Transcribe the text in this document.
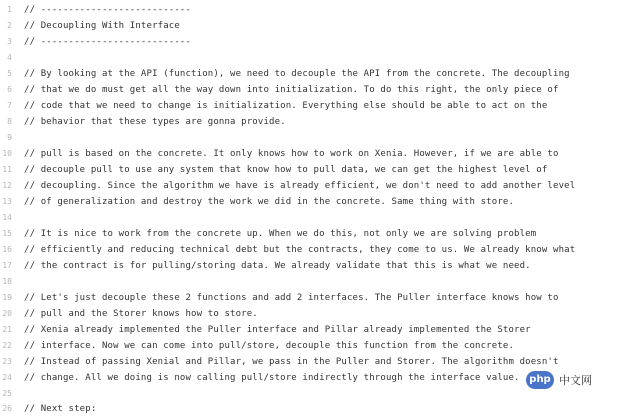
1 // ---------------------------
2 // Decoupling With Interface
3 // ---------------------------
4
5 // By looking at the API (function), we need to decouple the API from the concrete. The decoupling
6 // that we do must get all the way down into initialization. To do this right, the only piece of
7 // code that we need to change is initialization. Everything else should be able to act on the
8 // behavior that these types are gonna provide.
9
10 // pull is based on the concrete. It only knows how to work on Xenia. However, if we are able to
11 // decouple pull to use any system that know how to pull data, we can get the highest level of
12 // decoupling. Since the algorithm we have is already efficient, we don't need to add another level
13 // of generalization and destroy the work we did in the concrete. Same thing with store.
14
15 // It is nice to work from the concrete up. When we do this, not only we are solving problem
16 // efficiently and reducing technical debt but the contracts, they come to us. We already know what
17 // the contract is for pulling/storing data. We already validate that this is what we need.
18
19 // Let's just decouple these 2 functions and add 2 interfaces. The Puller interface knows how to
20 // pull and the Storer knows how to store.
21 // Xenia already implemented the Puller interface and Pillar already implemented the Storer
22 // interface. Now we can come into pull/store, decouple this function from the concrete.
23 // Instead of passing Xenial and Pillar, we pass in the Puller and Storer. The algorithm doesn't
24 // change. All we doing is now calling pull/store indirectly through the interface value.
25
26 // Next step:
php 中文网
